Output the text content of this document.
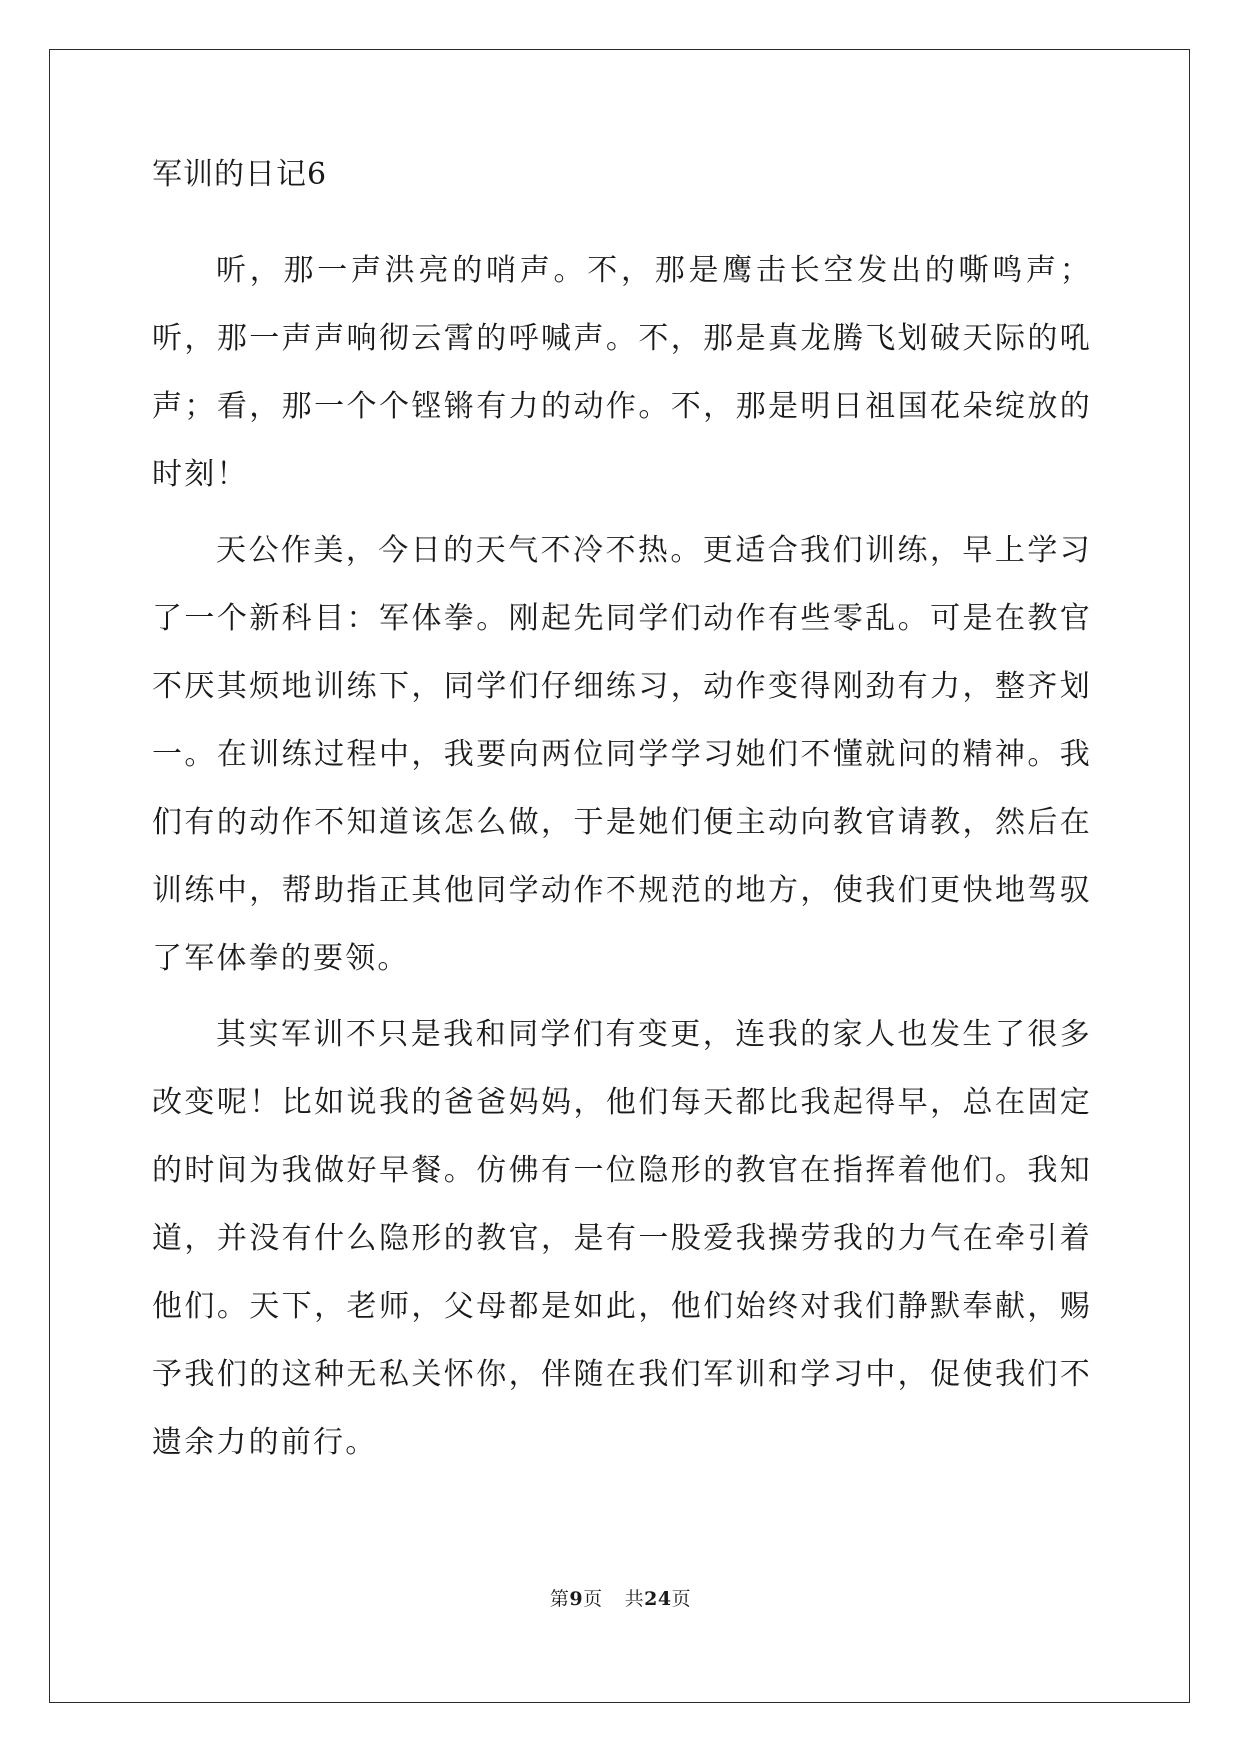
军训的日记6

听，那一声洪亮的哨声。不，那是鹰击长空发出的嘶鸣声；听，那一声声响彻云霄的呼喊声。不，那是真龙腾飞划破天际的吼声；看，那一个个铿锵有力的动作。不，那是明日祖国花朵绽放的时刻！

天公作美，今日的天气不冷不热。更适合我们训练，早上学习了一个新科目：军体拳。刚起先同学们动作有些零乱。可是在教官不厌其烦地训练下，同学们仔细练习，动作变得刚劲有力，整齐划一。在训练过程中，我要向两位同学学习她们不懂就问的精神。我们有的动作不知道该怎么做，于是她们便主动向教官请教，然后在训练中，帮助指正其他同学动作不规范的地方，使我们更快地驾驭了军体拳的要领。

其实军训不只是我和同学们有变更，连我的家人也发生了很多改变呢！比如说我的爸爸妈妈，他们每天都比我起得早，总在固定的时间为我做好早餐。仿佛有一位隐形的教官在指挥着他们。我知道，并没有什么隐形的教官，是有一股爱我操劳我的力气在牵引着他们。天下，老师，父母都是如此，他们始终对我们静默奉献，赐予我们的这种无私关怀你，伴随在我们军训和学习中，促使我们不遗余力的前行。

第9页 共24页
